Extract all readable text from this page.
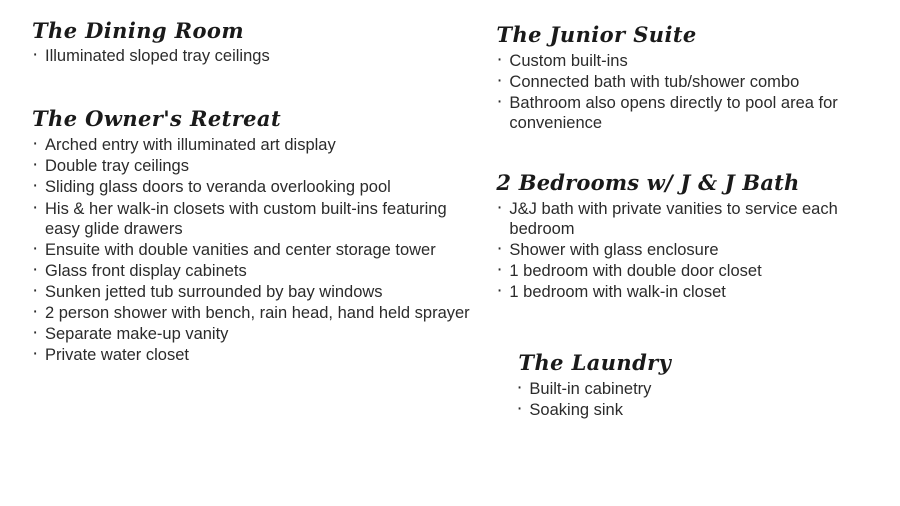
The Dining Room
· Illuminated sloped tray ceilings
The Owner's Retreat
· Arched entry with illuminated art display
· Double tray ceilings
· Sliding glass doors to veranda overlooking pool
· His & her walk-in closets with custom built-ins featuring easy glide drawers
· Ensuite with double vanities and center storage tower
· Glass front display cabinets
· Sunken jetted tub surrounded by bay windows
· 2 person shower with bench, rain head, hand held sprayer
· Separate make-up vanity
· Private water closet
The Junior Suite
· Custom built-ins
· Connected bath with tub/shower combo
· Bathroom also opens directly to pool area for convenience
2 Bedrooms w/ J & J Bath
· J&J bath with private vanities to service each bedroom
· Shower with glass enclosure
· 1 bedroom with double door closet
· 1 bedroom with walk-in closet
The Laundry
· Built-in cabinetry
· Soaking sink
